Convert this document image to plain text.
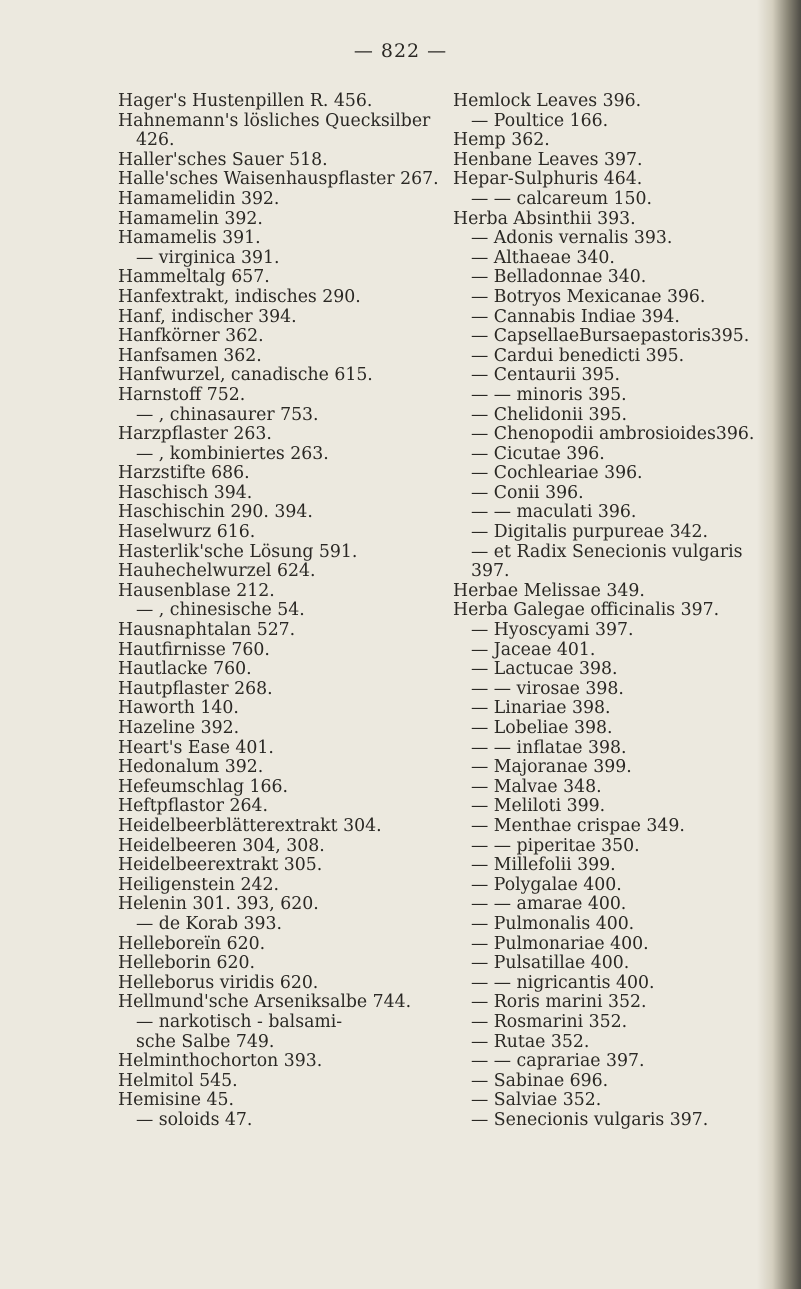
— 822 —
Hager's Hustenpillen R. 456.
Hahnemann's lösliches Quecksilber
426.
Haller'sches Sauer 518.
Halle'sches Waisenhauspflaster 267.
Hamamelidin 392.
Hamamelin 392.
Hamamelis 391.
— virginica 391.
Hammeltalg 657.
Hanfextrakt, indisches 290.
Hanf, indischer 394.
Hanfkörner 362.
Hanfsamen 362.
Hanfwurzel, canadische 615.
Harnstoff 752.
— , chinasaurer 753.
Harzpflaster 263.
— , kombiniertes 263.
Harzstifte 686.
Haschisch 394.
Haschischin 290. 394.
Haselwurz 616.
Hasterlik'sche Lösung 591.
Hauhechelwurzel 624.
Hausenblase 212.
— , chinesische 54.
Hausnaphtalan 527.
Hautfirnisse 760.
Hautlacke 760.
Hautpflaster 268.
Haworth 140.
Hazeline 392.
Heart's Ease 401.
Hedonalum 392.
Hefeumschlag 166.
Heftpflastor 264.
Heidelbeerblätterextrakt 304.
Heidelbeeren 304, 308.
Heidelbeerextrakt 305.
Heiligenstein 242.
Helenin 301. 393, 620.
— de Korab 393.
Helleboreïn 620.
Helleborin 620.
Helleborus viridis 620.
Hellmund'sche Arseniksalbe 744.
— narkotisch - balsami-
sche Salbe 749.
Helminthochorton 393.
Helmitol 545.
Hemisine 45.
— soloids 47.
Hemlock Leaves 396.
— Poultice 166.
Hemp 362.
Henbane Leaves 397.
Hepar-Sulphuris 464.
— — calcareum 150.
Herba Absinthii 393.
— Adonis vernalis 393.
— Althaeae 340.
— Belladonnae 340.
— Botryos Mexicanae 396.
— Cannabis Indiae 394.
— CapsellaeBursaepastoris395.
— Cardui benedicti 395.
— Centaurii 395.
— — minoris 395.
— Chelidonii 395.
— Chenopodii ambrosioides396.
— Cicutae 396.
— Cochleariae 396.
— Conii 396.
— — maculati 396.
— Digitalis purpureae 342.
— et Radix Senecionis vulgaris
397.
Herbae Melissae 349.
Herba Galegae officinalis 397.
— Hyoscyami 397.
— Jaceae 401.
— Lactucae 398.
— — virosae 398.
— Linariae 398.
— Lobeliae 398.
— — inflatae 398.
— Majoranae 399.
— Malvae 348.
— Meliloti 399.
— Menthae crispae 349.
— — piperitae 350.
— Millefolii 399.
— Polygalae 400.
— — amarae 400.
— Pulmonalis 400.
— Pulmonariae 400.
— Pulsatillae 400.
— — nigricantis 400.
— Roris marini 352.
— Rosmarini 352.
— Rutae 352.
— — caprariae 397.
— Sabinae 696.
— Salviae 352.
— Senecionis vulgaris 397.
